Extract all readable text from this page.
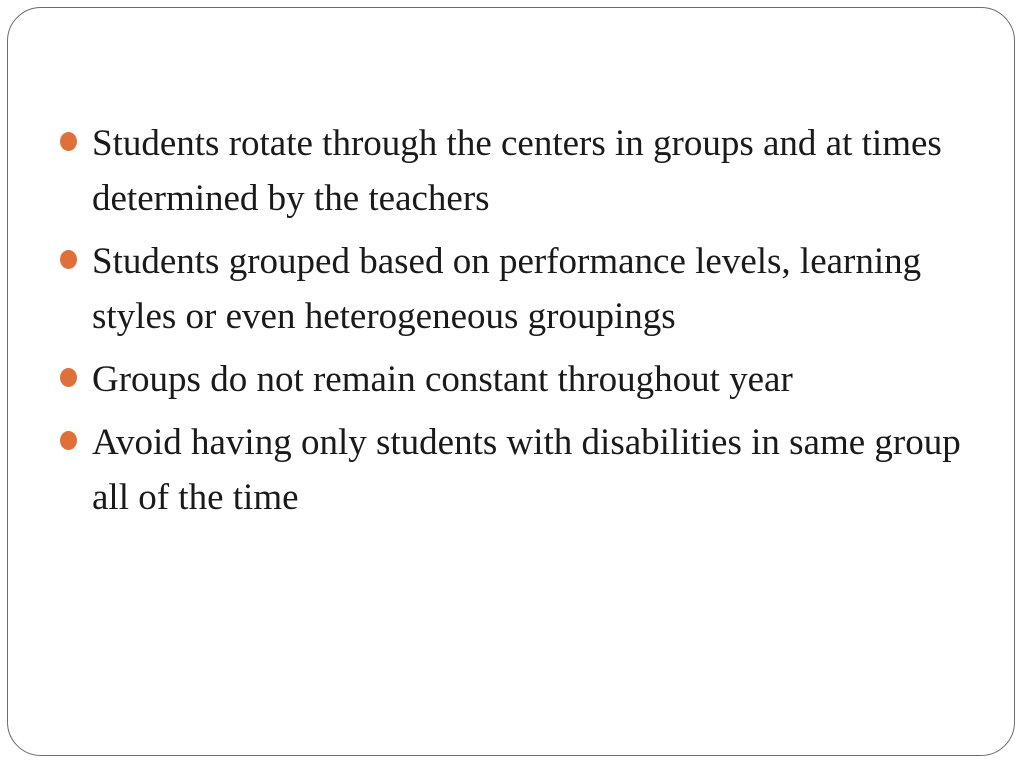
Students rotate through the centers in groups and at times determined by the teachers
Students grouped based on performance levels, learning styles or even heterogeneous groupings
Groups do not remain constant throughout year
Avoid having only students with disabilities in same group all of the time
